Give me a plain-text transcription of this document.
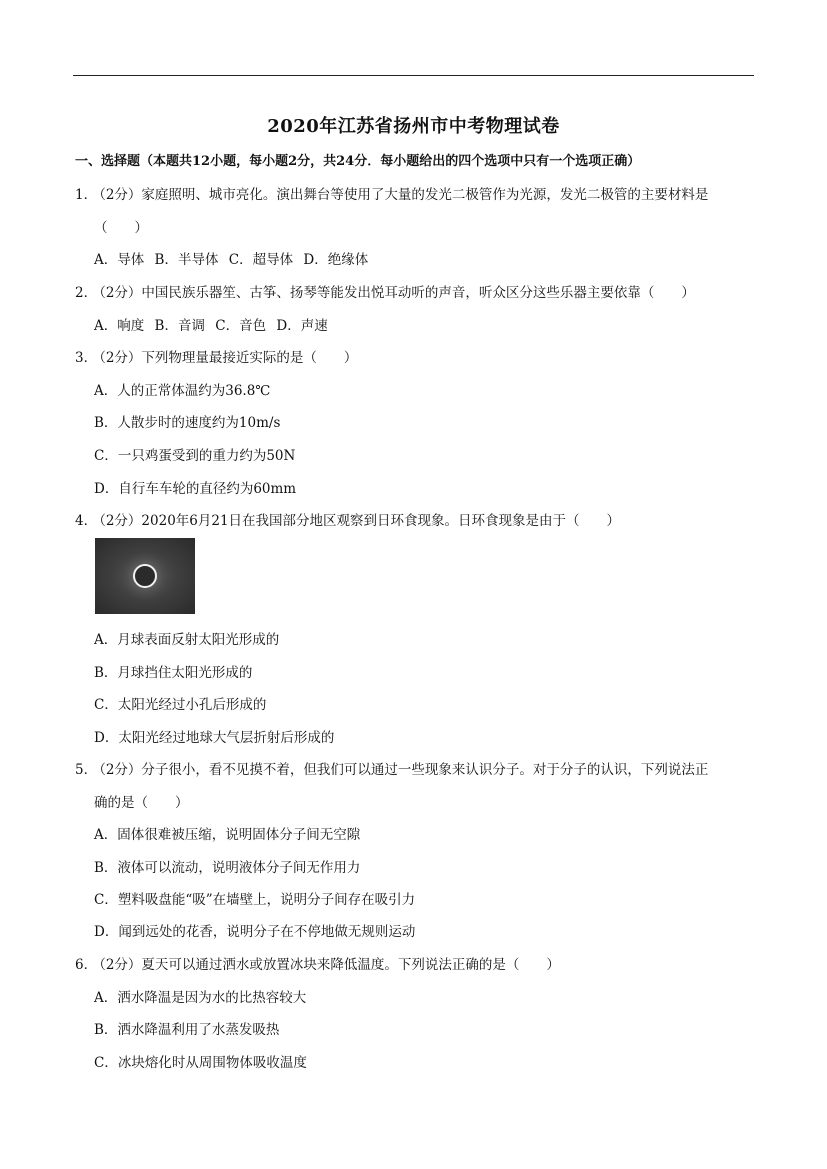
2020年江苏省扬州市中考物理试卷
一、选择题（本题共12小题，每小题2分，共24分．每小题给出的四个选项中只有一个选项正确）
1． （2分）家庭照明、城市亮化。演出舞台等使用了大量的发光二极管作为光源，发光二极管的主要材料是
（　　）
A．导体 B．半导体 C．超导体 D．绝缘体
2． （2分）中国民族乐器笙、古筝、扬琴等能发出悦耳动听的声音，听众区分这些乐器主要依靠（　　）
A．响度 B．音调 C．音色 D．声速
3． （2分）下列物理量最接近实际的是（　　）
A．人的正常体温约为36.8℃
B．人散步时的速度约为10m/s
C．一只鸡蛋受到的重力约为50N
D．自行车车轮的直径约为60mm
4． （2分）2020年6月21日在我国部分地区观察到日环食现象。日环食现象是由于（　　）
A．月球表面反射太阳光形成的
B．月球挡住太阳光形成的
C．太阳光经过小孔后形成的
D．太阳光经过地球大气层折射后形成的
5． （2分）分子很小，看不见摸不着，但我们可以通过一些现象来认识分子。对于分子的认识，下列说法正
确的是（　　）
A．固体很难被压缩，说明固体分子间无空隙
B．液体可以流动，说明液体分子间无作用力
C．塑料吸盘能“吸”在墙壁上，说明分子间存在吸引力
D．闻到远处的花香，说明分子在不停地做无规则运动
6． （2分）夏天可以通过洒水或放置冰块来降低温度。下列说法正确的是（　　）
A．洒水降温是因为水的比热容较大
B．洒水降温利用了水蒸发吸热
C．冰块熔化时从周围物体吸收温度
